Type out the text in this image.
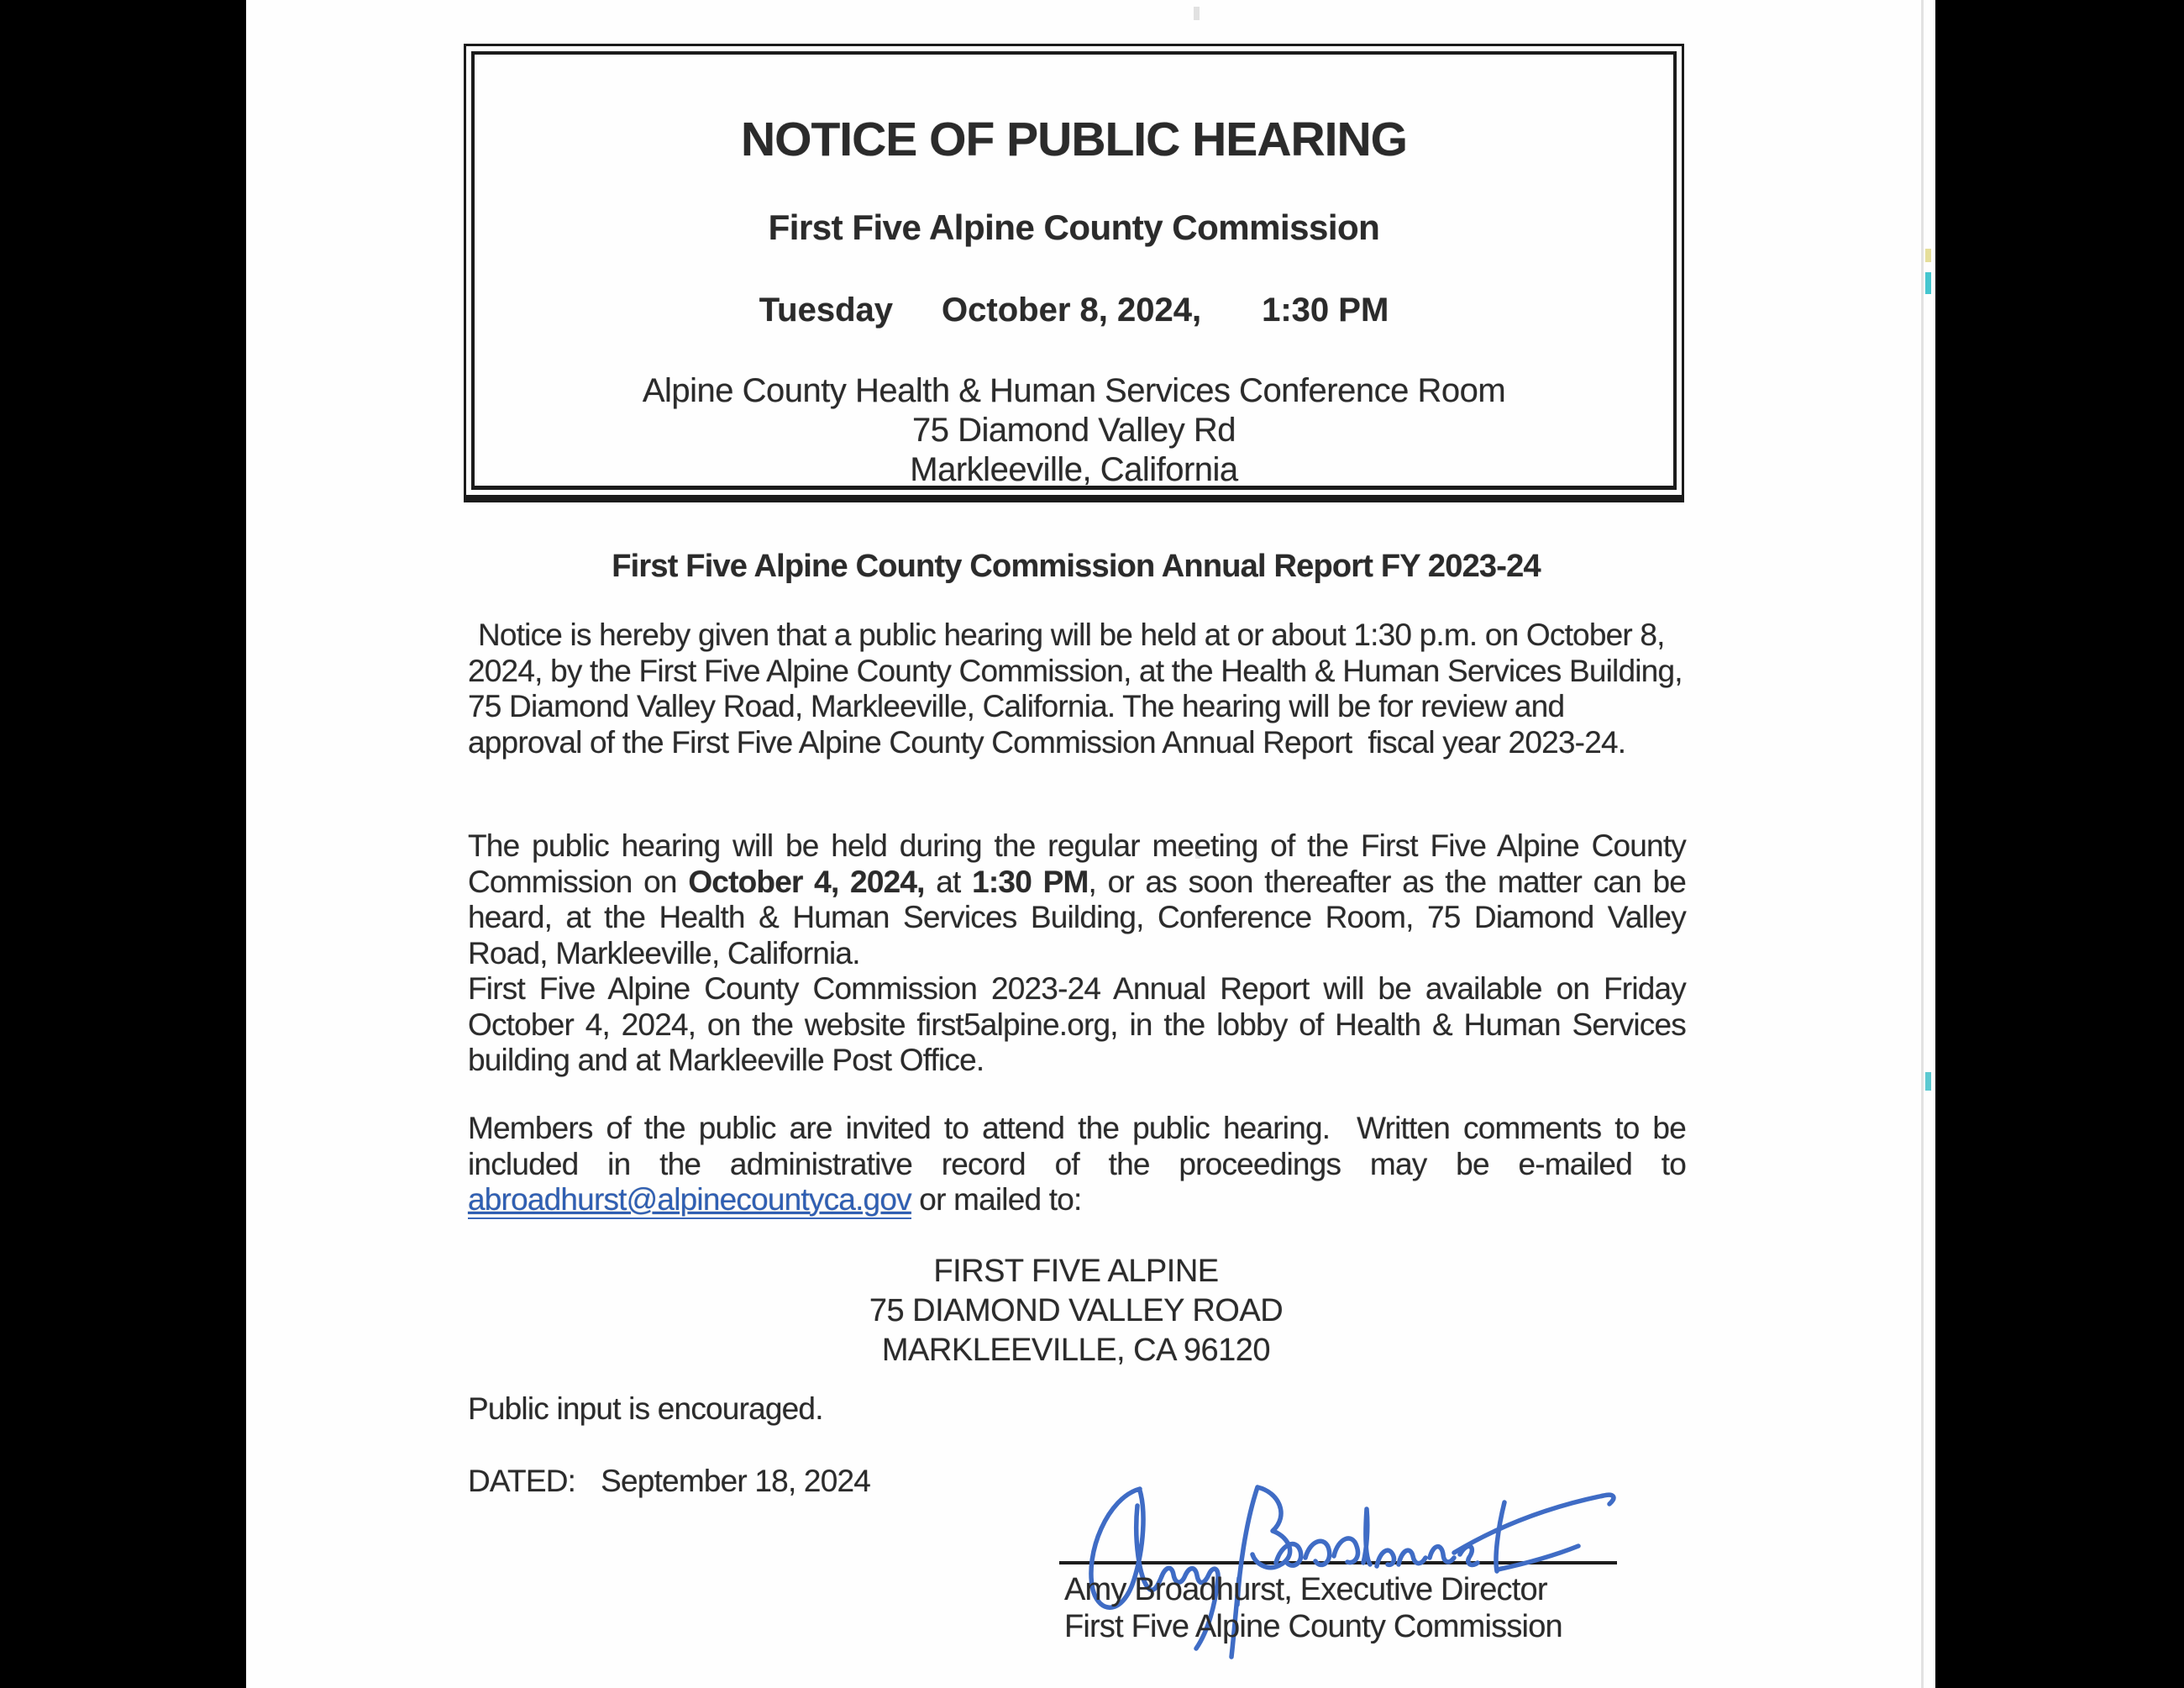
NOTICE OF PUBLIC HEARING
First Five Alpine County Commission
Tuesday October 8, 2024, 1:30 PM
Alpine County Health & Human Services Conference Room
75 Diamond Valley Rd
Markleeville, California
First Five Alpine County Commission Annual Report FY 2023-24

Notice is hereby given that a public hearing will be held at or about 1:30 p.m. on October 8, 2024, by the First Five Alpine County Commission, at the Health & Human Services Building, 75 Diamond Valley Road, Markleeville, California. The hearing will be for review and approval of the First Five Alpine County Commission Annual Report  fiscal year 2023-24.

The public hearing will be held during the regular meeting of the First Five Alpine County Commission on October 4, 2024, at 1:30 PM, or as soon thereafter as the matter can be heard, at the Health & Human Services Building, Conference Room, 75 Diamond Valley Road, Markleeville, California.

First Five Alpine County Commission 2023-24 Annual Report will be available on Friday October 4, 2024, on the website first5alpine.org, in the lobby of Health & Human Services building and at Markleeville Post Office.

Members of the public are invited to attend the public hearing.  Written comments to be included in the administrative record of the proceedings may be e-mailed to abroadhurst@alpinecountyca.gov or mailed to:

FIRST FIVE ALPINE
75 DIAMOND VALLEY ROAD
MARKLEEVILLE, CA 96120

Public input is encouraged.

DATED: September 18, 2024

Amy Broadhurst, Executive Director
First Five Alpine County Commission
